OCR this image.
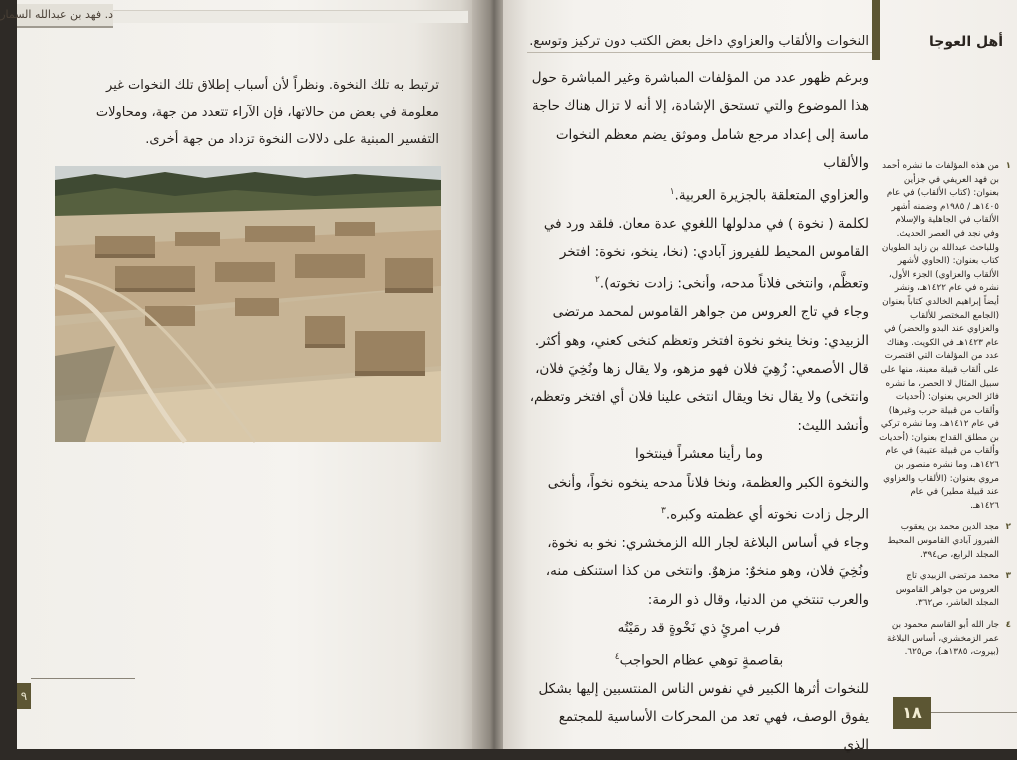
د. فهد بن عبدالله السمار

ترتبط به تلك النخوة. ونظراً لأن أسباب إطلاق تلك النخوات غير

معلومة في بعض من حالاتها، فإن الآراء تتعدد من جهة، ومحاولات

التفسير المبنية على دلالات النخوة تزداد من جهة أخرى.

٩
أهل العوجا
النخوات والألقاب والعزاوي داخل بعض الكتب دون تركيز وتوسع.

وبرغم ظهور عدد من المؤلفات المباشرة وغير المباشرة حول

هذا الموضوع والتي تستحق الإشادة، إلا أنه لا تزال هناك حاجة

ماسة إلى إعداد مرجع شامل وموثق يضم معظم النخوات والألقاب

والعزاوي المتعلقة بالجزيرة العربية.$^١$

لكلمة ( نخوة ) في مدلولها اللغوي عدة معان. فلقد ورد في

القاموس المحيط للفيروز آبادي: (نخا، ينخو، نخوة: افتخر

وتعظَّم، وانتخى فلاناً مدحه، وأنخى: زادت نخوته).$^٢$

وجاء في تاج العروس من جواهر القاموس لمحمد مرتضى

الزبيدي: ونخا ينخو نخوة افتخر وتعظم كنخى كعني، وهو أكثر.

قال الأصمعي: زُهِيَ فلان فهو مزهو، ولا يقال زها ونُخِيَ فلان،

وانتخى) ولا يقال نخا ويقال انتخى علينا فلان أي افتخر وتعظم،

وأنشد الليث:

وما رأينا معشراً فينتخوا

والنخوة الكبر والعظمة، ونخا فلاناً مدحه ينخوه نخواً، وأنخى

الرجل زادت نخوته أي عظمته وكبره.$^٣$

وجاء في أساس البلاغة لجار الله الزمخشري: نخو به نخوة،

ونُخِيَ فلان، وهو منخوٌ: مزهوٌ. وانتخى من كذا استنكف منه،

والعرب تنتخي من الدنيا، وقال ذو الرمة:

فرب امرئٍ ذي نَخْوةٍ قد رمَيْتُه

بقاصمةٍ توهي عظام الحواجب$^٤$

للنخوات أثرها الكبير في نفوس الناس المنتسبين إليها بشكل

يفوق الوصف، فهي تعد من المحركات الأساسية للمجتمع الذي

١
من هذه المؤلفات ما نشره أحمد بن فهد العريفي في جزأين بعنوان: (كتاب الألقاب) في عام ١٤٠٥هـ / ١٩٨٥م وضمنه أشهر الألقاب في الجاهلية والإسلام وفي نجد في العصر الحديث. وللباحث عبدالله بن زايد الطويان كتاب بعنوان: (الحاوي لأشهر الألقاب والعزاوي) الجزء الأول، نشره في عام ١٤٢٢هـ، ونشر أيضاً إبراهيم الخالدي كتاباً بعنوان (الجامع المختصر للألقاب والعزاوي عند البدو والحضر) في عام ١٤٢٣هـ في الكويت. وهناك عدد من المؤلفات التي اقتصرت على ألقاب قبيلة معينة، منها على سبيل المثال لا الحصر، ما نشره فائز الحربي بعنوان: (أحديات وألقاب من قبيلة حرب وغيرها) في عام ١٤١٢هـ، وما نشره تركي بن مطلق القداح بعنوان: (أحديات وألقاب من قبيلة عتيبة) في عام ١٤٢٦هـ، وما نشره منصور بن مروي بعنوان: (الألقاب والعزاوي عند قبيلة مطير) في عام ١٤٢٦هـ.
٢
مجد الدين محمد بن يعقوب الفيروز آبادي القاموس المحيط المجلد الرابع، ص٣٩٤.
٣
محمد مرتضى الزبيدي تاج العروس من جواهر القاموس المجلد العاشر، ص٣٦٢.
٤
جار الله أبو القاسم محمود بن عمر الزمخشري، أساس البلاغة (بيروت، ١٣٨٥هـ)، ص٦٢٥.
١٨
